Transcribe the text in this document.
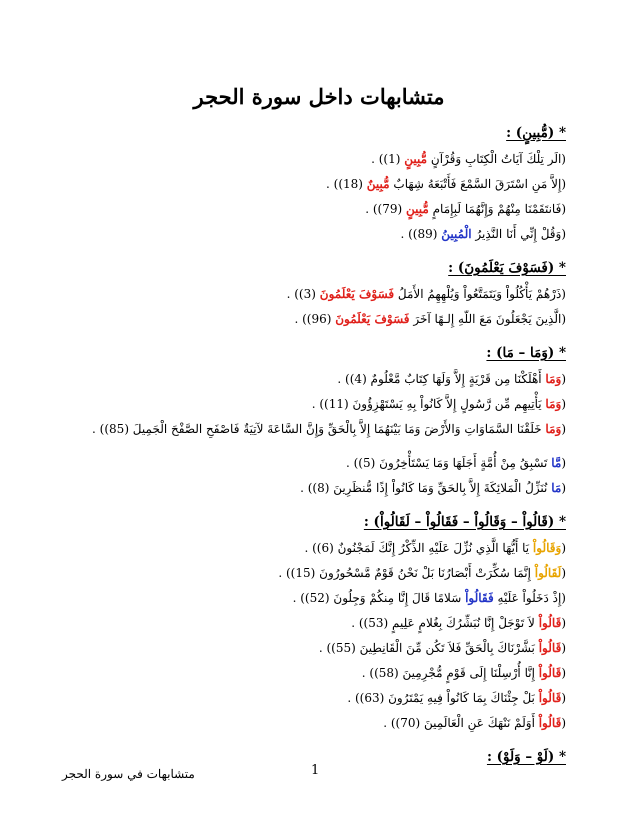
متشابهات داخل سورة الحجر
* (مُّبِينٍ) :
(الَر تِلْكَ آيَاتُ الْكِتَابِ وَقُرْآنٍ مُّبِينٍ (1)) .
(إِلاَّ مَنِ اسْتَرَقَ السَّمْعَ فَأَتْبَعَهُ شِهَابٌ مُّبِينٌ (18)) .
(فَانتَقَمْنَا مِنْهُمْ وَإِنَّهُمَا لَبِإِمَامٍ مُّبِينٍ (79)) .
(وَقُلْ إِنِّي أَنَا النَّذِيرُ الْمُبِينُ (89)) .
* (فَسَوْفَ يَعْلَمُونَ) :
(ذَرْهُمْ يَأْكُلُواْ وَيَتَمَتَّعُواْ وَيُلْهِهِمُ الأَمَلُ فَسَوْفَ يَعْلَمُونَ (3)) .
(الَّذِينَ يَجْعَلُونَ مَعَ اللّهِ إِلـهًا آخَرَ فَسَوْفَ يَعْلَمُونَ (96)) .
* (وَمَا – مَا) :
(وَمَا أَهْلَكْنَا مِن قَرْيَةٍ إِلاَّ وَلَهَا كِتَابٌ مَّعْلُومٌ (4)) .
(وَمَا يَأْتِيهِم مِّن رَّسُولٍ إِلاَّ كَانُواْ بِهِ يَسْتَهْزِؤُونَ (11)) .
(وَمَا خَلَقْنَا السَّمَاوَاتِ وَالأَرْضَ وَمَا بَيْنَهُمَا إِلاَّ بِالْحَقِّ وَإِنَّ السَّاعَةَ لآتِيَةٌ فَاصْفَحِ الصَّفْحَ الْجَمِيلَ (85)) .
(مَّا تَسْبِقُ مِنْ أُمَّةٍ أَجَلَهَا وَمَا يَسْتَأْخِرُونَ (5)) .
(مَا نُنَزِّلُ الْمَلائِكَةَ إِلاَّ بِالحَقِّ وَمَا كَانُواْ إِذًا مُّنظَرِينَ (8)) .
* (قَالُواْ – وَقَالُواْ – فَقَالُواْ – لَقَالُواْ) :
(وَقَالُواْ يَا أَيُّهَا الَّذِي نُزِّلَ عَلَيْهِ الذِّكْرُ إِنَّكَ لَمَجْنُونٌ (6)) .
(لَقَالُواْ إِنَّمَا سُكِّرَتْ أَبْصَارُنَا بَلْ نَحْنُ قَوْمٌ مَّسْحُورُونَ (15)) .
(إِذْ دَخَلُواْ عَلَيْهِ فَقَالُواْ سَلامًا قَالَ إِنَّا مِنكُمْ وَجِلُونَ (52)) .
(قَالُواْ لاَ تَوْجَلْ إِنَّا نُبَشِّرُكَ بِغُلامٍ عَلِيمٍ (53)) .
(قَالُواْ بَشَّرْنَاكَ بِالْحَقِّ فَلاَ تَكُن مِّنَ الْقَانِطِينَ (55)) .
(قَالُواْ إِنَّا أُرْسِلْنَا إِلَى قَوْمٍ مُّجْرِمِينَ (58)) .
(قَالُواْ بَلْ جِئْنَاكَ بِمَا كَانُواْ فِيهِ يَمْتَرُونَ (63)) .
(قَالُواْ أَوَلَمْ نَنْهَكَ عَنِ الْعَالَمِينَ (70)) .
* (لَوْ – وَلَوْ) :
1
متشابهات في سورة الحجر
